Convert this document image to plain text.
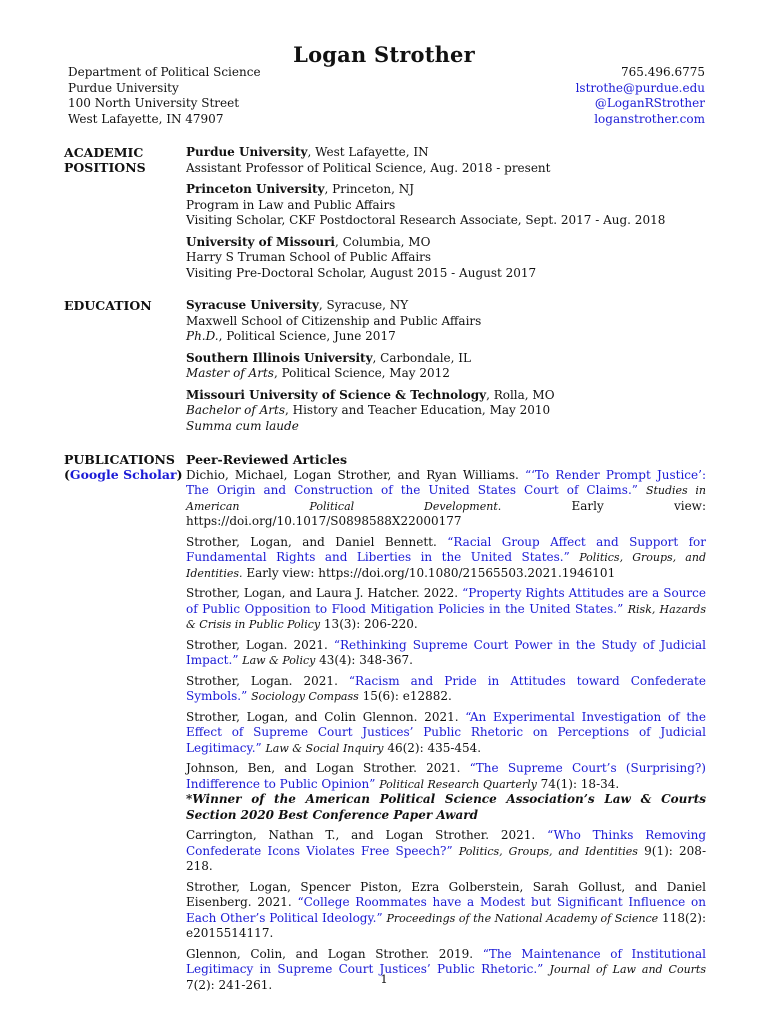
Logan Strother
Department of Political Science
Purdue University
100 North University Street
West Lafayette, IN 47907
765.496.6775
lstrothe@purdue.edu
@LoganRStrother
loganstrother.com
ACADEMIC
POSITIONS
Purdue University, West Lafayette, IN
Assistant Professor of Political Science, Aug. 2018 - present
Princeton University, Princeton, NJ
Program in Law and Public Affairs
Visiting Scholar, CKF Postdoctoral Research Associate, Sept. 2017 - Aug. 2018
University of Missouri, Columbia, MO
Harry S Truman School of Public Affairs
Visiting Pre-Doctoral Scholar, August 2015 - August 2017
EDUCATION	Syracuse University, Syracuse, NY
Maxwell School of Citizenship and Public Affairs
Ph.D., Political Science, June 2017
Southern Illinois University, Carbondale, IL
Master of Arts, Political Science, May 2012
Missouri University of Science & Technology, Rolla, MO
Bachelor of Arts, History and Teacher Education, May 2010
Summa cum laude
PUBLICATIONS
(Google Scholar)
Peer-Reviewed Articles
Dichio, Michael, Logan Strother, and Ryan Williams. “‘To Render Prompt Justice’: The Origin and Construction of the United States Court of Claims.” Studies in American Political Development. Early view: https://doi.org/10.1017/S0898588X22000177
Strother, Logan, and Daniel Bennett. “Racial Group Affect and Support for Fundamental Rights and Liberties in the United States.” Politics, Groups, and Identities. Early view: https://doi.org/10.1080/21565503.2021.1946101
Strother, Logan, and Laura J. Hatcher. 2022. “Property Rights Attitudes are a Source of Public Opposition to Flood Mitigation Policies in the United States.” Risk, Hazards & Crisis in Public Policy 13(3): 206-220.
Strother, Logan. 2021. “Rethinking Supreme Court Power in the Study of Judicial Impact.” Law & Policy 43(4): 348-367.
Strother, Logan. 2021. “Racism and Pride in Attitudes toward Confederate Symbols.” Sociology Compass 15(6): e12882.
Strother, Logan, and Colin Glennon. 2021. “An Experimental Investigation of the Effect of Supreme Court Justices’ Public Rhetoric on Perceptions of Judicial Legitimacy.” Law & Social Inquiry 46(2): 435-454.
Johnson, Ben, and Logan Strother. 2021. “The Supreme Court’s (Surprising?) Indifference to Public Opinion” Political Research Quarterly 74(1): 18-34.
*Winner of the American Political Science Association’s Law & Courts Section 2020 Best Conference Paper Award
Carrington, Nathan T., and Logan Strother. 2021. “Who Thinks Removing Confederate Icons Violates Free Speech?” Politics, Groups, and Identities 9(1): 208-218.
Strother, Logan, Spencer Piston, Ezra Golberstein, Sarah Gollust, and Daniel Eisenberg. 2021. “College Roommates have a Modest but Significant Influence on Each Other’s Political Ideology.” Proceedings of the National Academy of Science 118(2): e2015514117.
Glennon, Colin, and Logan Strother. 2019. “The Maintenance of Institutional Legitimacy in Supreme Court Justices’ Public Rhetoric.” Journal of Law and Courts 7(2): 241-261.	1
